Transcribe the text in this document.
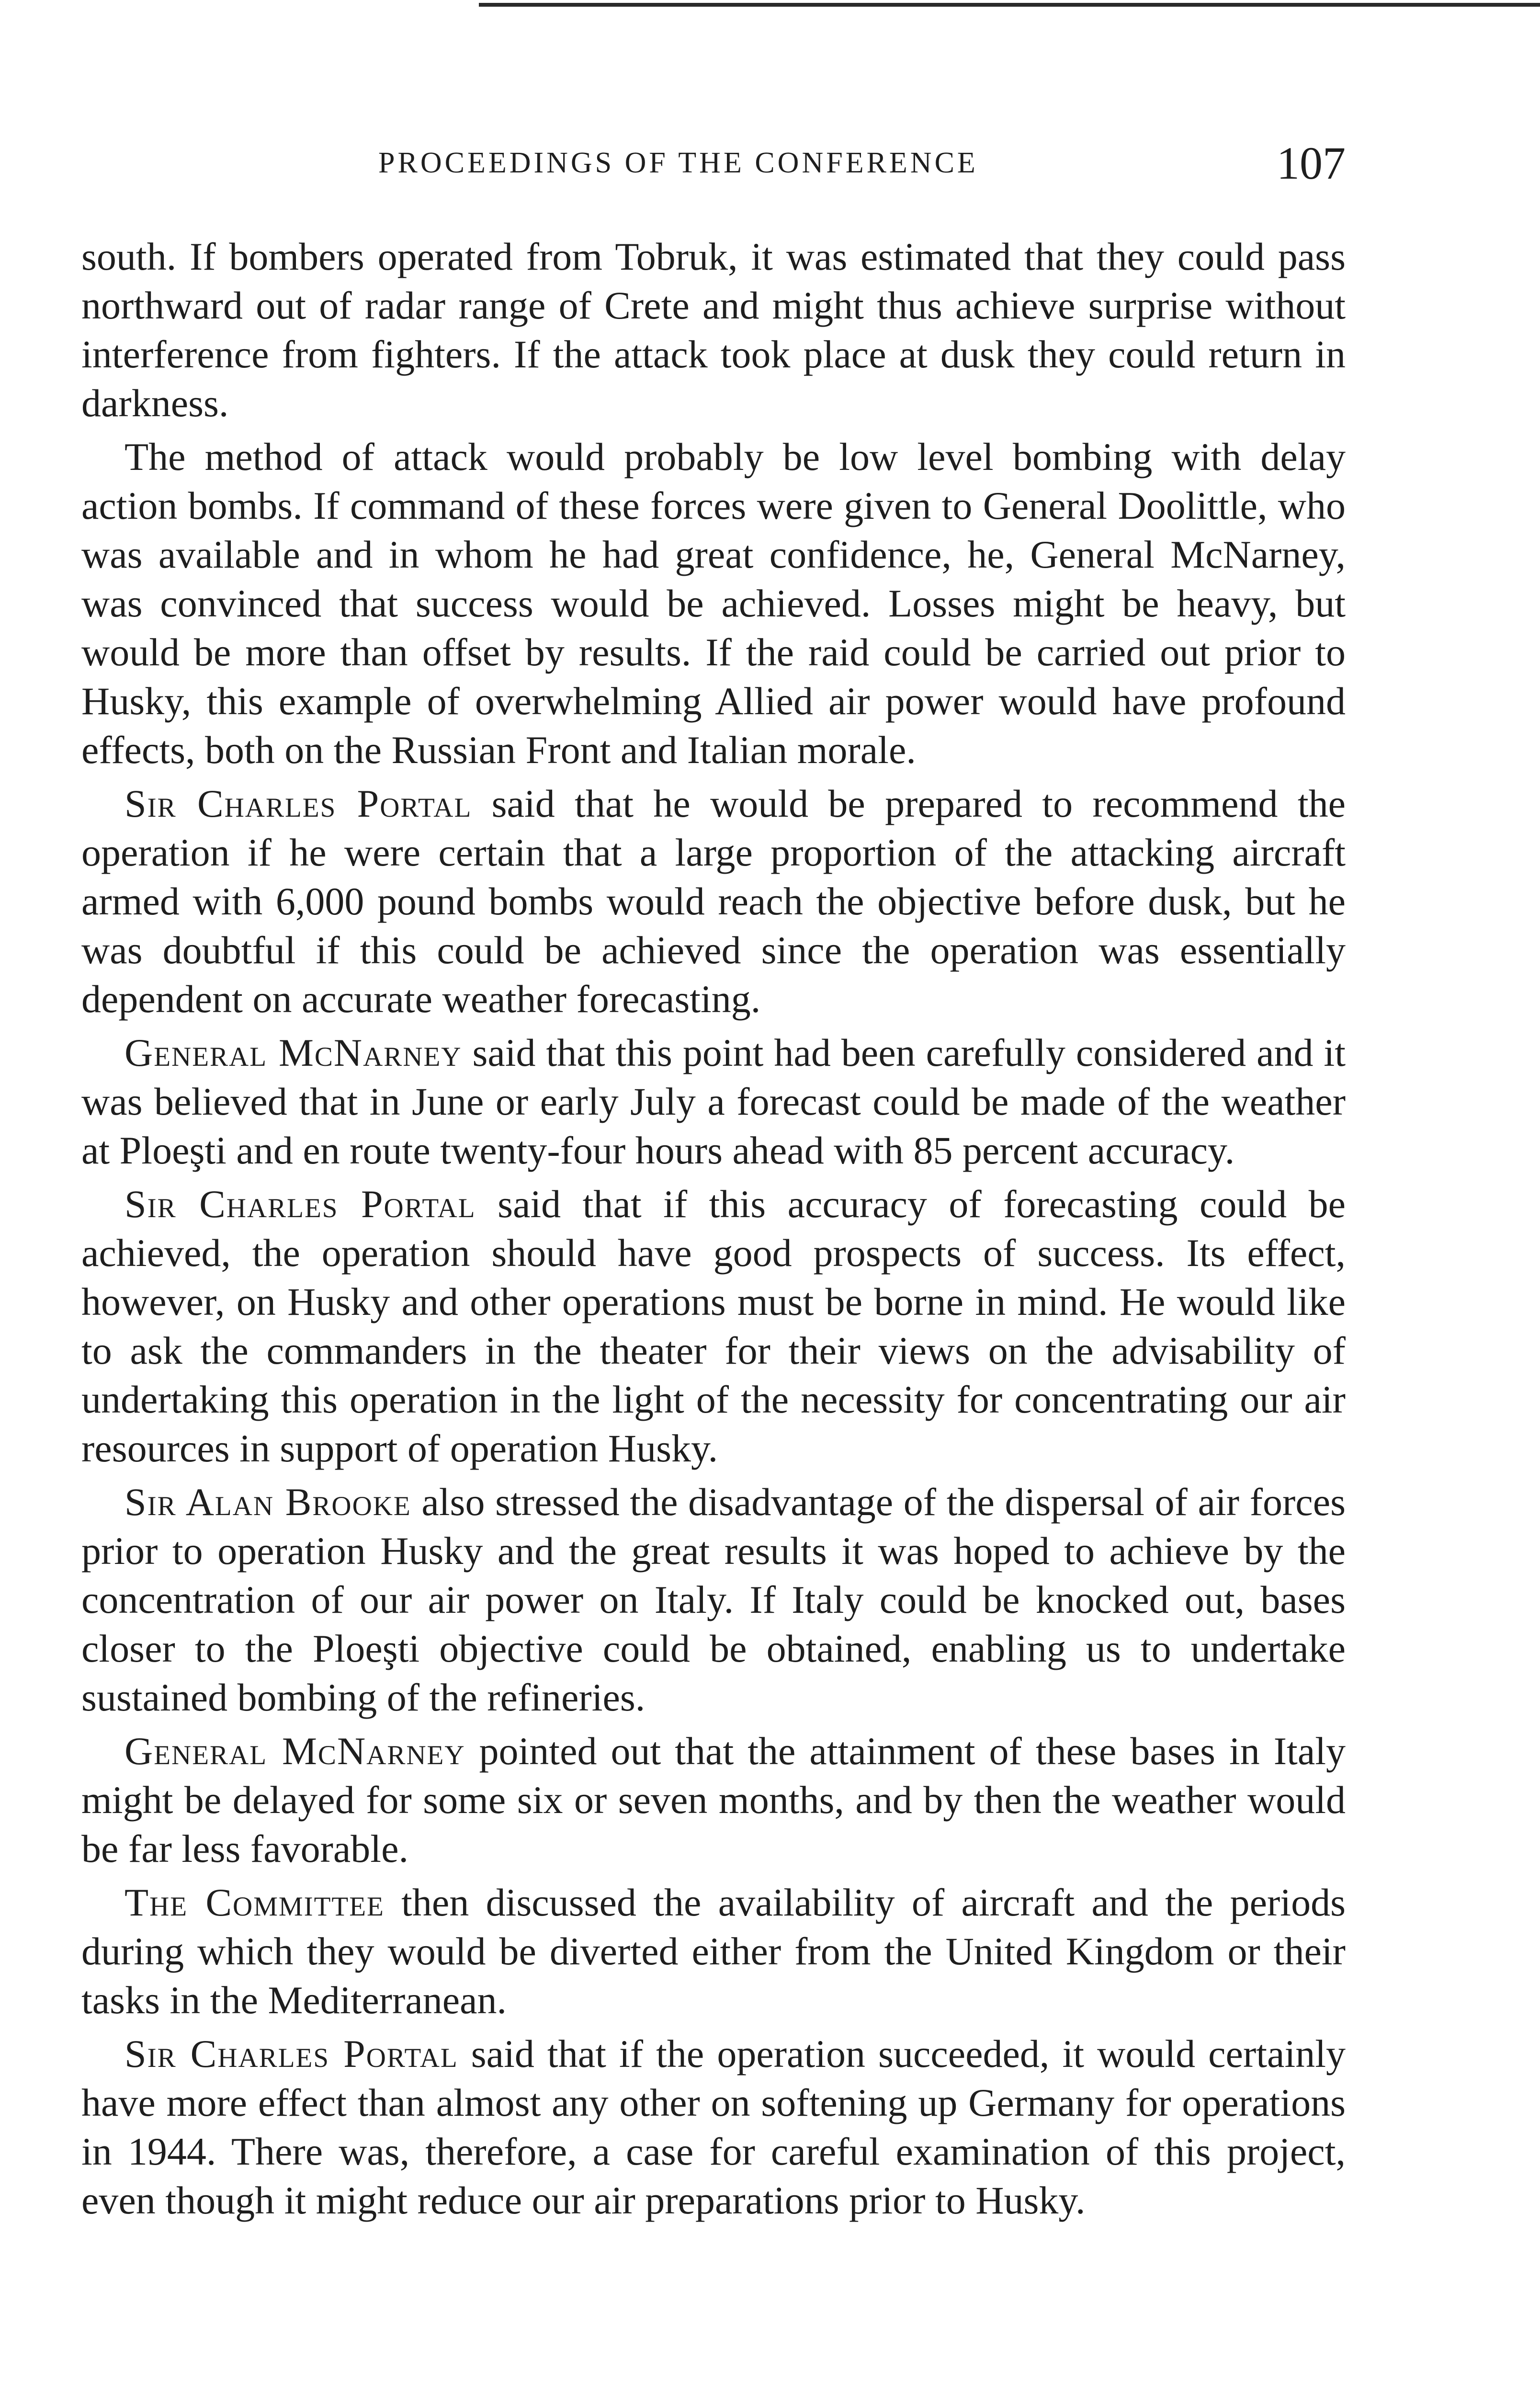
PROCEEDINGS OF THE CONFERENCE	107

south. If bombers operated from Tobruk, it was estimated that they could pass northward out of radar range of Crete and might thus achieve surprise without interference from fighters. If the attack took place at dusk they could return in darkness.

The method of attack would probably be low level bombing with delay action bombs. If command of these forces were given to General Doolittle, who was available and in whom he had great confidence, he, General McNarney, was convinced that success would be achieved. Losses might be heavy, but would be more than offset by results. If the raid could be carried out prior to Husky, this example of overwhelming Allied air power would have profound effects, both on the Russian Front and Italian morale.

Sir Charles Portal said that he would be prepared to recommend the operation if he were certain that a large proportion of the attacking aircraft armed with 6,000 pound bombs would reach the objective before dusk, but he was doubtful if this could be achieved since the operation was essentially dependent on accurate weather forecasting.

General McNarney said that this point had been carefully considered and it was believed that in June or early July a forecast could be made of the weather at Ploeşti and en route twenty-four hours ahead with 85 percent accuracy.

Sir Charles Portal said that if this accuracy of forecasting could be achieved, the operation should have good prospects of success. Its effect, however, on Husky and other operations must be borne in mind. He would like to ask the commanders in the theater for their views on the advisability of undertaking this operation in the light of the necessity for concentrating our air resources in support of operation Husky.

Sir Alan Brooke also stressed the disadvantage of the dispersal of air forces prior to operation Husky and the great results it was hoped to achieve by the concentration of our air power on Italy. If Italy could be knocked out, bases closer to the Ploeşti objective could be obtained, enabling us to undertake sustained bombing of the refineries.

General McNarney pointed out that the attainment of these bases in Italy might be delayed for some six or seven months, and by then the weather would be far less favorable.

The Committee then discussed the availability of aircraft and the periods during which they would be diverted either from the United Kingdom or their tasks in the Mediterranean.

Sir Charles Portal said that if the operation succeeded, it would certainly have more effect than almost any other on softening up Germany for operations in 1944. There was, therefore, a case for careful examination of this project, even though it might reduce our air preparations prior to Husky.
